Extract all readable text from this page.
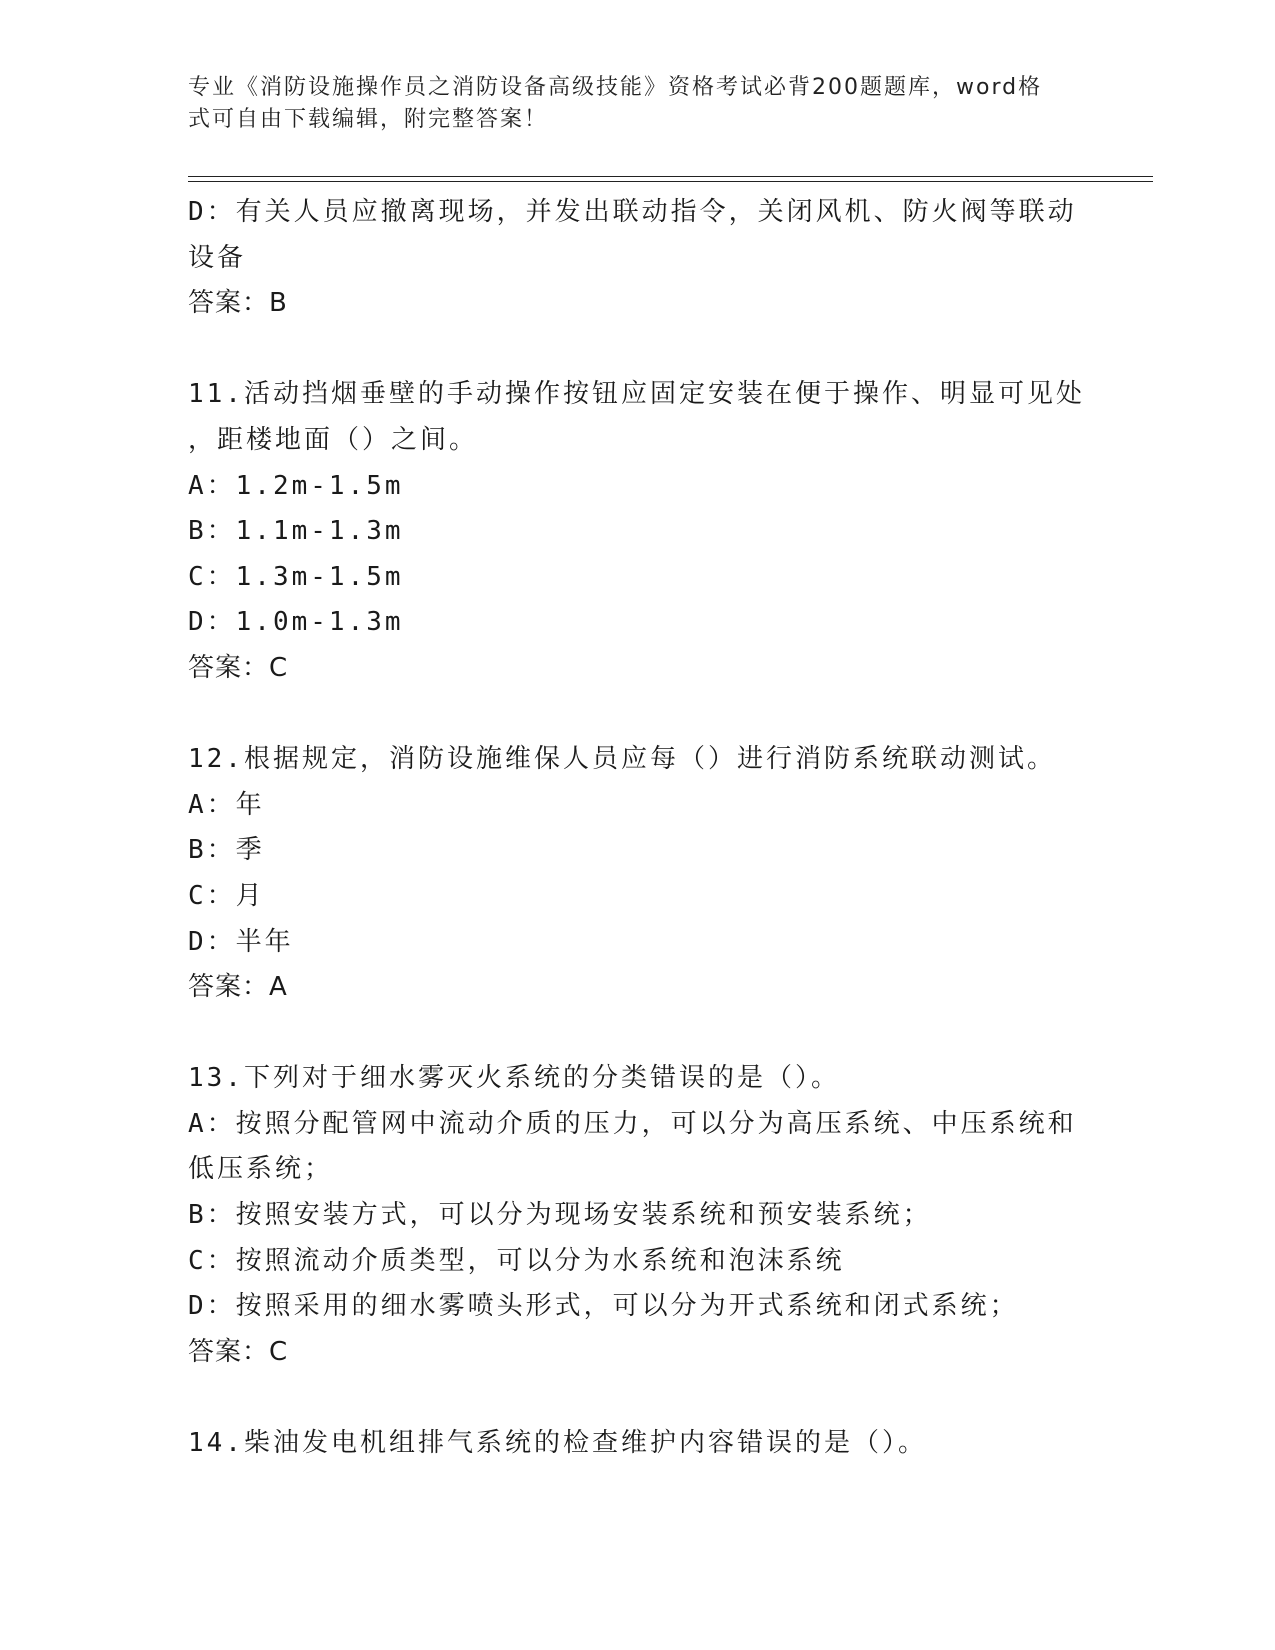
专业《消防设施操作员之消防设备高级技能》资格考试必背200题题库，word格
式可自由下载编辑，附完整答案！
D：有关人员应撤离现场，并发出联动指令，关闭风机、防火阀等联动
设备
答案：B
11.活动挡烟垂壁的手动操作按钮应固定安装在便于操作、明显可见处
，距楼地面（）之间。
A：1.2m-1.5m
B：1.1m-1.3m
C：1.3m-1.5m
D：1.0m-1.3m
答案：C
12.根据规定，消防设施维保人员应每（）进行消防系统联动测试。
A：年
B：季
C：月
D：半年
答案：A
13.下列对于细水雾灭火系统的分类错误的是（）。
A：按照分配管网中流动介质的压力，可以分为高压系统、中压系统和
低压系统；
B：按照安装方式，可以分为现场安装系统和预安装系统；
C：按照流动介质类型，可以分为水系统和泡沫系统
D：按照采用的细水雾喷头形式，可以分为开式系统和闭式系统；
答案：C
14.柴油发电机组排气系统的检查维护内容错误的是（）。
